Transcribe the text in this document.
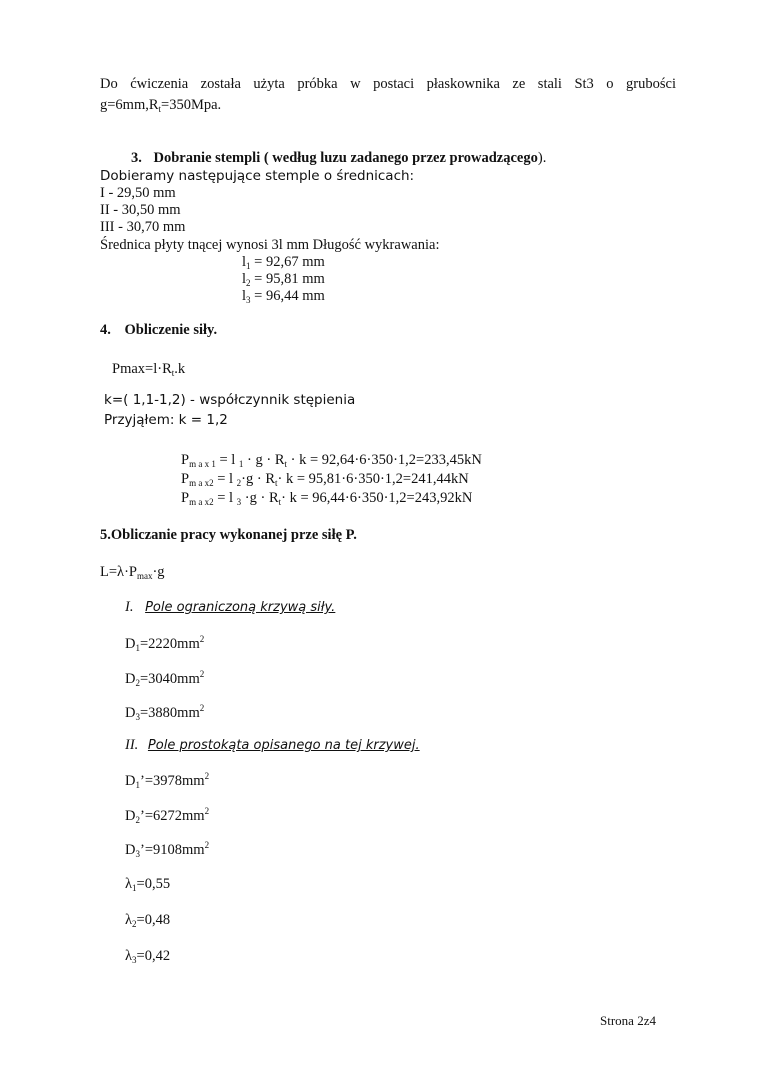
Do ćwiczenia została użyta próbka w postaci płaskownika ze stali St3 o grubości
$g=6mm,R_t=350Mpa$.
3. Dobranie stempli ( według luzu zadanego przez prowadzącego).
Dobieramy następujące stemple o średnicach:
I - 29,50 mm
II - 30,50 mm
III - 30,70 mm
Średnica płyty tnącej wynosi 3l mm Długość wykrawania:
$l_1 = 92,67$ mm
$l_2 = 95,81$ mm
$l_3 = 96,44$ mm
4. Obliczenie siły.
$Pmax=l\cdot R_t.k$
k=( 1,1-1,2) - współczynnik stępienia
Przyjąłem: k = 1,2
$P_{m a x 1} = l$ $_1 \cdot g \cdot R_t \cdot k = 92,64\cdot 6\cdot 350\cdot 1,2=233,45kN$
$P_{m a x2} = l$ $_2\cdot g \cdot R_t\cdot k = 95,81\cdot 6\cdot 350\cdot 1,2=241,44kN$
$P_{m a x2} = l$ $_3 \cdot g \cdot R_t\cdot k = 96,44\cdot 6\cdot 350\cdot 1,2=243,92kN$
5.Obliczanie pracy wykonanej prze siłę P.
$L=\lambda\cdot P_{max}\cdot g$
I. Pole ograniczoną krzywą siły.
$D_1=2220mm^2$
$D_2=3040mm^2$
$D_3=3880mm^2$
II. Pole prostokąta opisanego na tej krzywej.
$D_1’=3978mm^2$
$D_2’=6272mm^2$
$D_3’=9108mm^2$
$\lambda_1=0,55$
$\lambda_2=0,48$
$\lambda_3=0,42$
Strona 2z4
